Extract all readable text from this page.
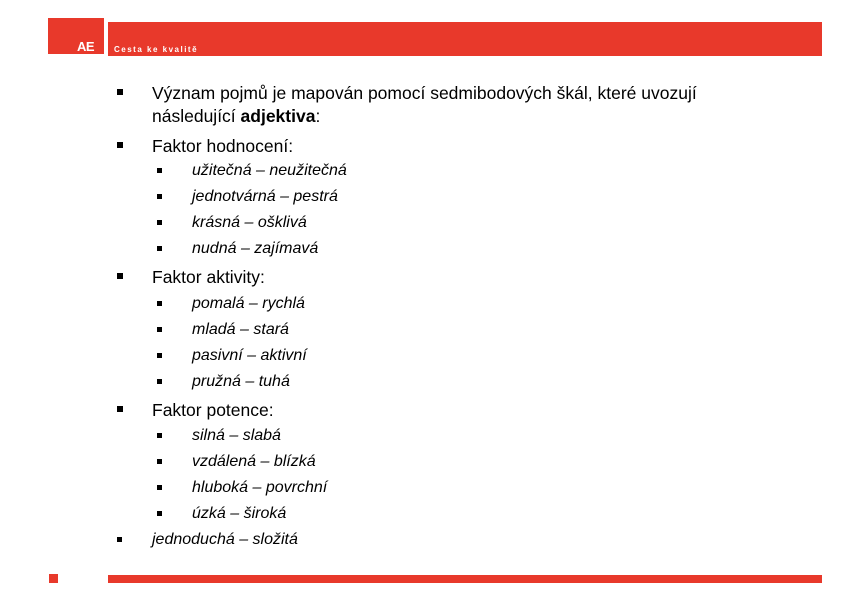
AE Cesta ke kvalitě
Význam pojmů je mapován pomocí sedmibodových škál, které uvozují
následující adjektiva:
Faktor hodnocení:
užitečná – neužitečná
jednotvárná – pestrá
krásná – ošklivá
nudná – zajímavá
Faktor aktivity:
pomalá – rychlá
mladá – stará
pasivní – aktivní
pružná – tuhá
Faktor potence:
silná – slabá
vzdálená – blízká
hluboká – povrchní
úzká – široká
jednoduchá – složitá
